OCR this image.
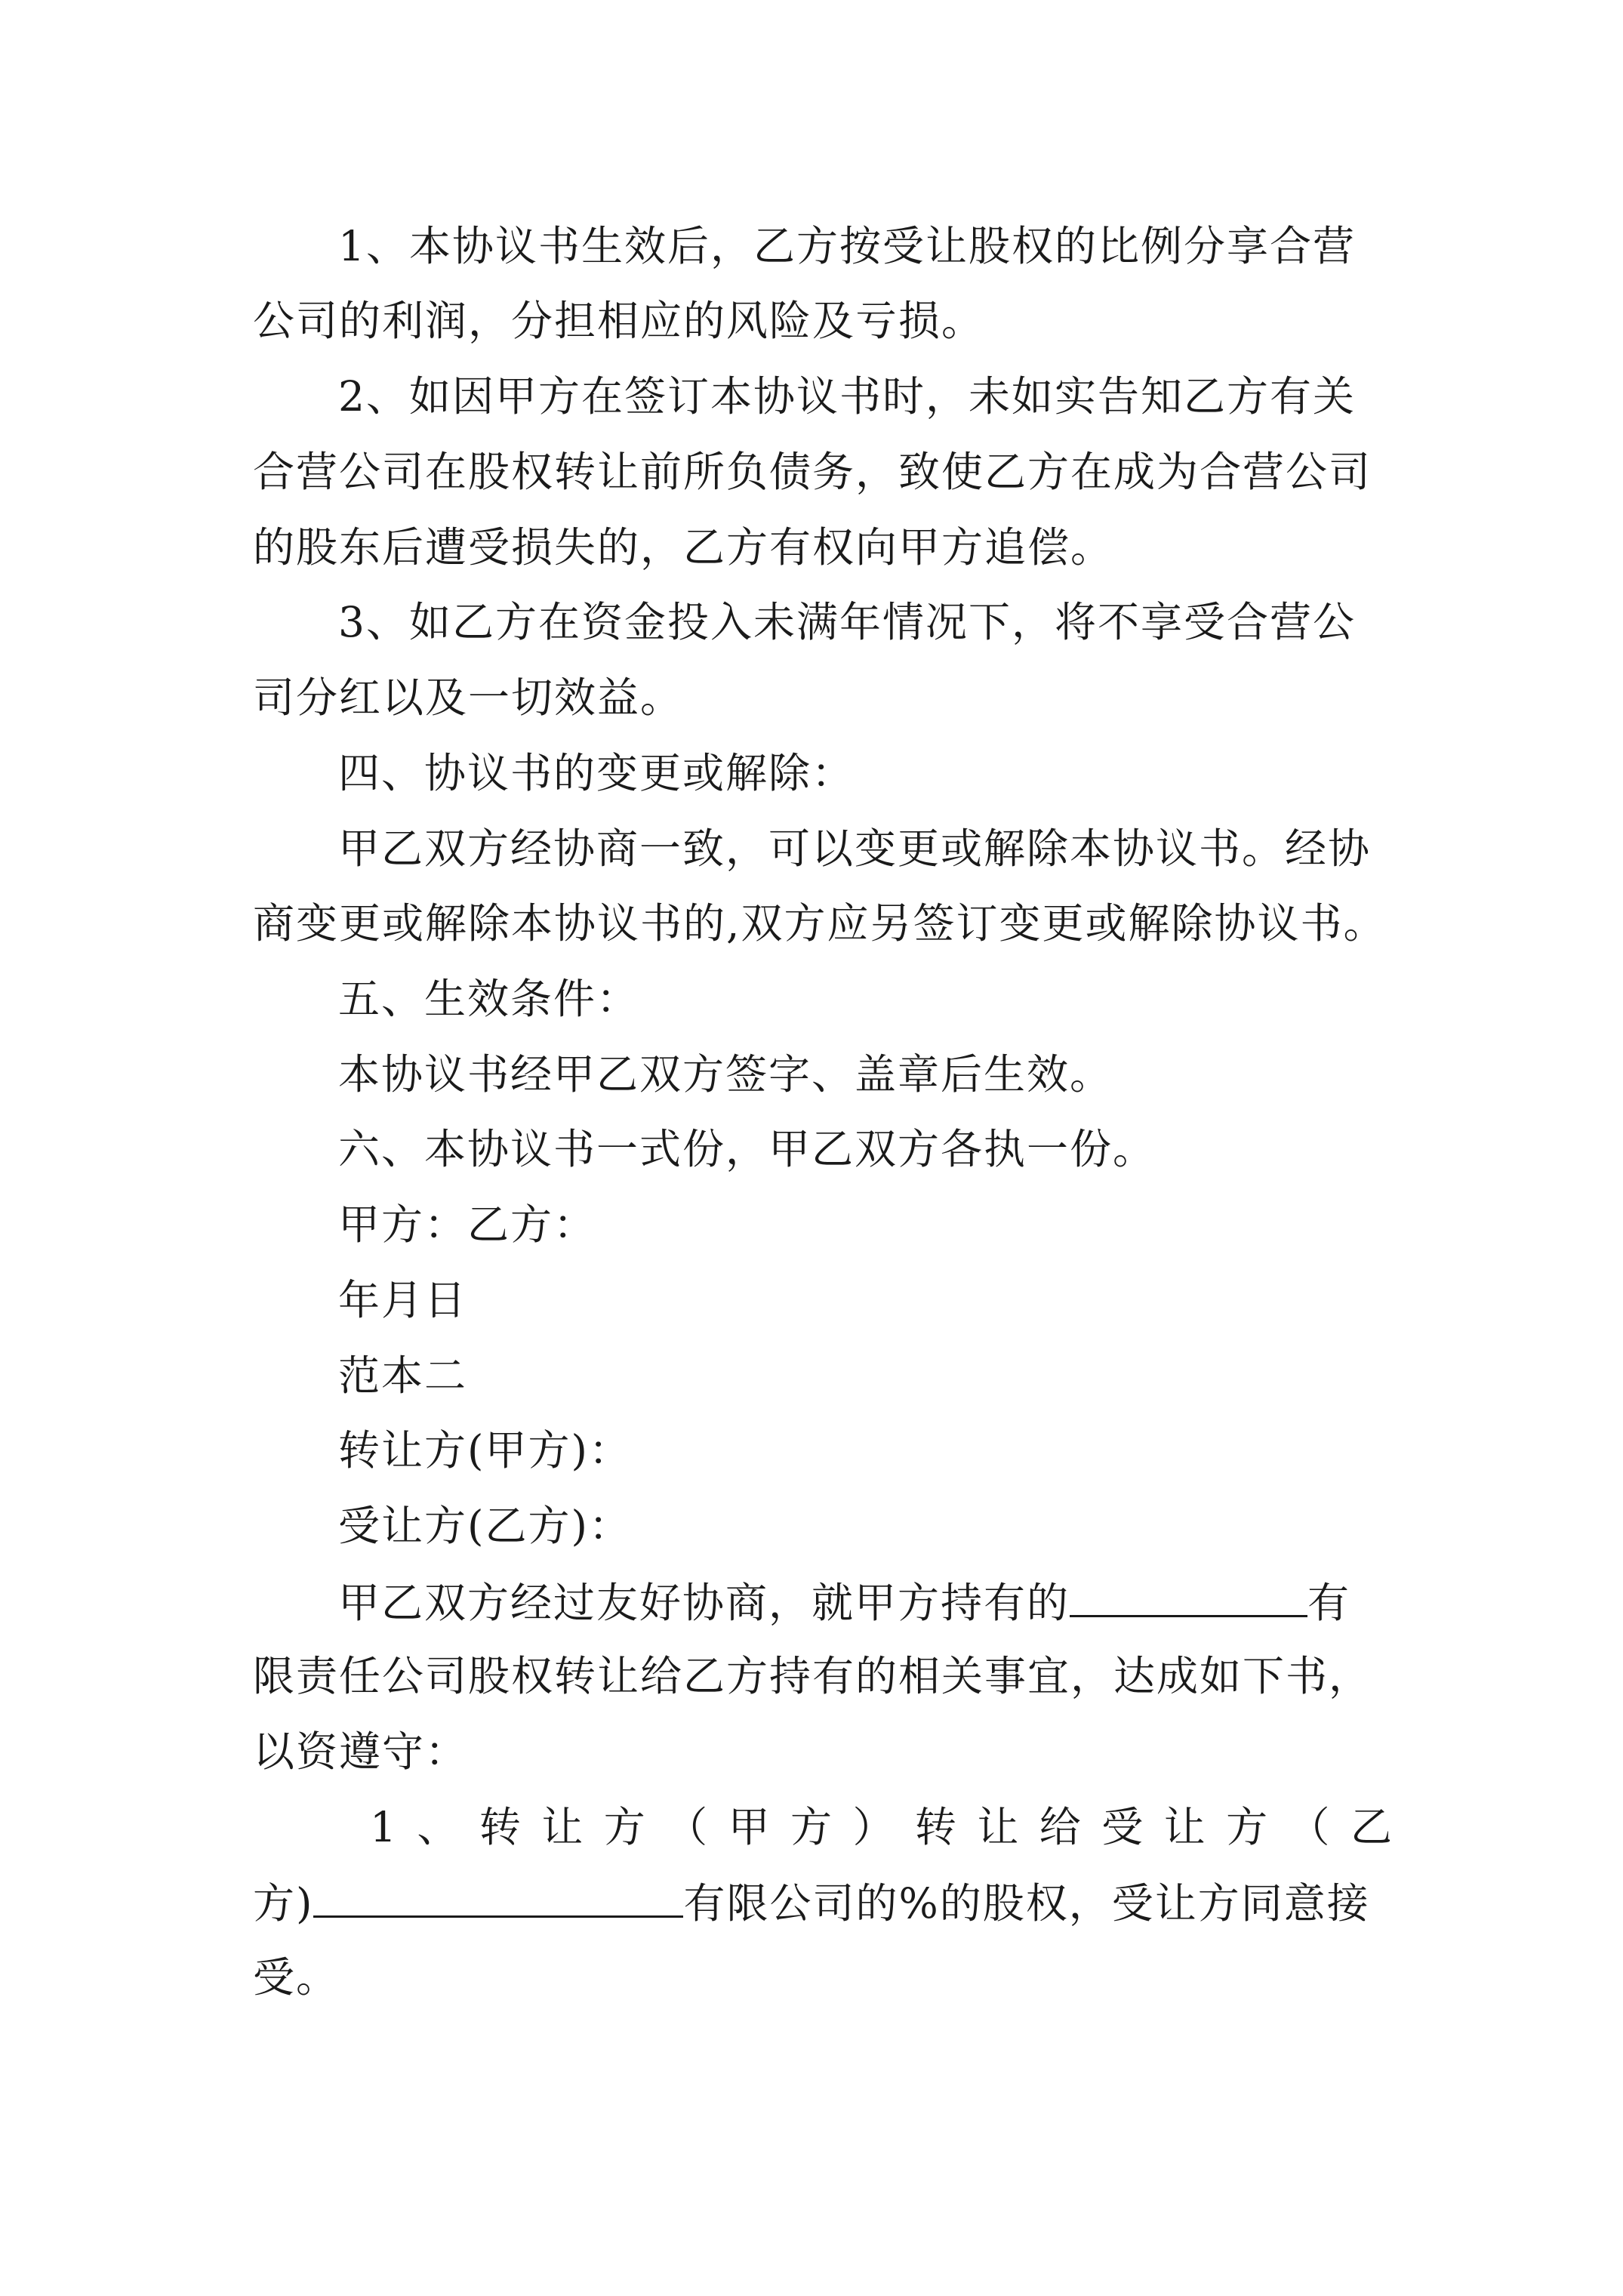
1、本协议书生效后，乙方按受让股权的比例分享合营
公司的利润，分担相应的风险及亏损。
2、如因甲方在签订本协议书时，未如实告知乙方有关
合营公司在股权转让前所负债务，致使乙方在成为合营公司
的股东后遭受损失的，乙方有权向甲方追偿。
3、如乙方在资金投入未满年情况下，将不享受合营公
司分红以及一切效益。
四、协议书的变更或解除：
甲乙双方经协商一致，可以变更或解除本协议书。经协
商变更或解除本协议书的,双方应另签订变更或解除协议书。
五、生效条件：
本协议书经甲乙双方签字、盖章后生效。
六、本协议书一式份，甲乙双方各执一份。
甲方：乙方：
年月日
范本二
转让方(甲方)：
受让方(乙方)：
甲乙双方经过友好协商，就甲方持有的	有
限责任公司股权转让给乙方持有的相关事宜，达成如下书，
以资遵守：
1 、 转 让 方 （ 甲 方 ） 转 让 给 受 让 方 （ 乙
方)	有限公司的%的股权，受让方同意接
受。
